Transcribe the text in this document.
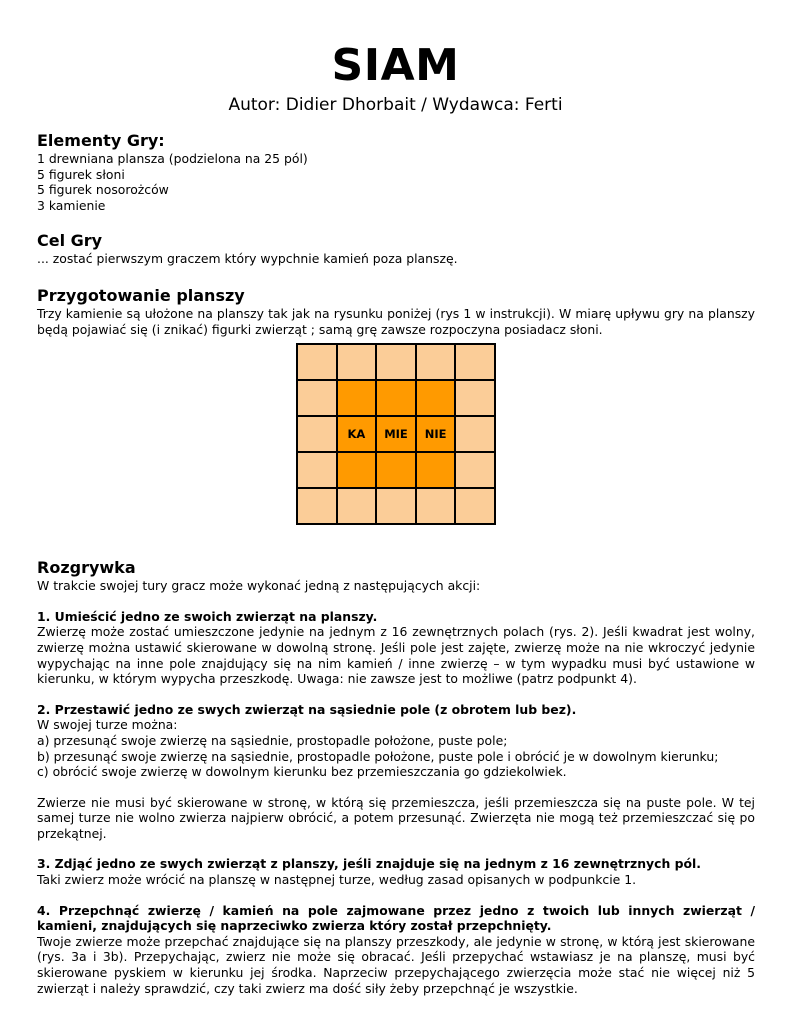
SIAM
Autor: Didier Dhorbait / Wydawca: Ferti
Elementy Gry:
1 drewniana plansza (podzielona na 25 pól)
5 figurek słoni
5 figurek nosorożców
3 kamienie
Cel Gry
... zostać pierwszym graczem który wypchnie kamień poza planszę.
Przygotowanie planszy
Trzy kamienie są ułożone na planszy tak jak na rysunku poniżej (rys 1 w instrukcji). W miarę upływu gry na planszy będą pojawiać się (i znikać) figurki zwierząt ; samą grę zawsze rozpoczyna posiadacz słoni.
Rozgrywka
W trakcie swojej tury gracz może wykonać jedną z następujących akcji:
1. Umieścić jedno ze swoich zwierząt na planszy.
Zwierzę może zostać umieszczone jedynie na jednym z 16 zewnętrznych polach (rys. 2). Jeśli kwadrat jest wolny, zwierzę można ustawić skierowane w dowolną stronę. Jeśli pole jest zajęte, zwierzę może na nie wkroczyć jedynie wypychając na inne pole znajdujący się na nim kamień / inne zwierzę – w tym wypadku musi być ustawione w kierunku, w którym wypycha przeszkodę. Uwaga: nie zawsze jest to możliwe (patrz podpunkt 4).
2. Przestawić jedno ze swych zwierząt na sąsiednie pole (z obrotem lub bez).
W swojej turze można:
a) przesunąć swoje zwierzę na sąsiednie, prostopadle położone, puste pole;
b) przesunąć swoje zwierzę na sąsiednie, prostopadle położone, puste pole i obrócić je w dowolnym kierunku;
c) obrócić swoje zwierzę w dowolnym kierunku bez przemieszczania go gdziekolwiek.
Zwierze nie musi być skierowane w stronę, w którą się przemieszcza, jeśli przemieszcza się na puste pole. W tej samej turze nie wolno zwierza najpierw obrócić, a potem przesunąć. Zwierzęta nie mogą też przemieszczać się po przekątnej.
3. Zdjąć jedno ze swych zwierząt z planszy, jeśli znajduje się na jednym z 16 zewnętrznych pól.
Taki zwierz może wrócić na planszę w następnej turze, według zasad opisanych w podpunkcie 1.
4. Przepchnąć zwierzę / kamień na pole zajmowane przez jedno z twoich lub innych zwierząt / kamieni, znajdujących się naprzeciwko zwierza który został przepchnięty.
Twoje zwierze może przepchać znajdujące się na planszy przeszkody, ale jedynie w stronę, w którą jest skierowane (rys. 3a i 3b). Przepychając, zwierz nie może się obracać. Jeśli przepychać wstawiasz je na planszę, musi być skierowane pyskiem w kierunku jej środka. Naprzeciw przepychającego zwierzęcia może stać nie więcej niż 5 zwierząt i należy sprawdzić, czy taki zwierz ma dość siły żeby przepchnąć je wszystkie.
KA	MIE	NIE
